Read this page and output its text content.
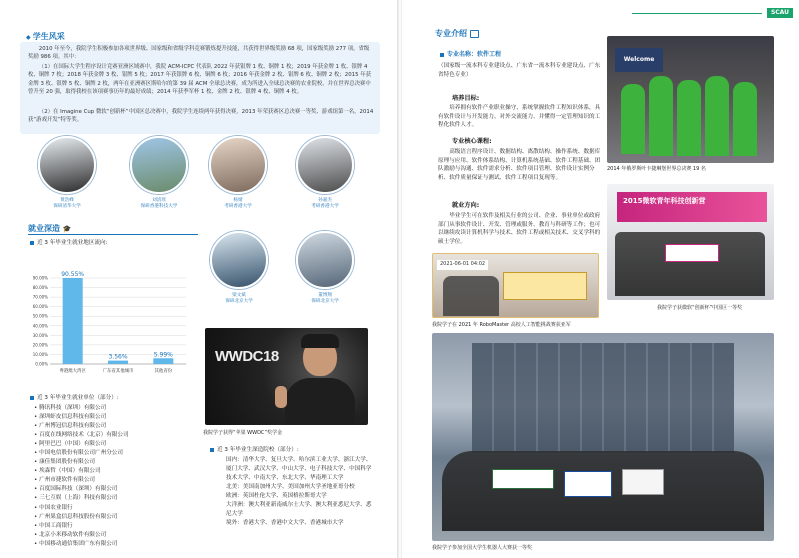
◆ 学生风采
2010 年至今，我院学生积极参加各项世界级、国家级和省级学科竞赛锻炼提升技能，共获得世界级奖励 68 项，国家级奖励 277 项，省级奖励 986 项。其中：
（1）在国际大学生程序设计竞赛亚洲区域赛中，我院 ACM-ICPC 代表队 2022 年获银牌 1 枚、铜牌 1 枚；2019 年获金牌 1 枚、银牌 4 枚、铜牌 7 枚；2018 年获金牌 3 枚、银牌 5 枚；2017 年获银牌 6 枚、铜牌 6 枚；2016 年获金牌 2 枚、银牌 6 枚、铜牌 2 枚；2015 年获金牌 3 枚、银牌 5 枚、铜牌 2 枚，两年在亚洲赛区斯哈尔的第 39 届 ACM 全球总决赛，成为所进入全球总决赛的农业院校，并在世界总决赛中曾升至 20 强，取得我校在该项赛事历年的最好成绩；2014 年获季军杯 1 枚、金牌 2 枚、银牌 4 枚、铜牌 4 枚。
（2）在 Imagine Cup 微软“创新杯”中国区总决赛中，我院学生连续两年获得决赛，2013 年荣获赛区总决赛一等奖、游戏组第一名，2014 获“游戏开发”特等奖。
黄浩峰
保研清华大学
刘清瑶
保研香港科技大学
杨婧
考研香港大学
孙嘉杰
考研香港大学
就业深造 🎓
近 3 年毕业生就业地区流向:
0.00%
10.00%
20.00%
30.00%
40.00%
50.00%
60.00%
70.00%
80.00%
90.00% 90.55%
粤港澳大湾区
3.56%
广东省其他城市
5.99%
其他省份
梁文斌
保研北京大学
董博翔
保研北京大学
WWDC18
我院学子获得“苹果 WWDC”奖学金
近 3 年毕业生就业单位（部分）:
• 腾讯科技（深圳）有限公司
• 深圳虾皮信息科技有限公司
• 广州博冠信息科技有限公司
• 百度在线网络技术（北京）有限公司
• 阿里巴巴（中国）有限公司
• 中国电信股份有限公司广州分公司
• 康佳集团股份有限公司
• 埃森哲（中国）有限公司
• 广州市捷软件有限公司
• 百度国际科技（深圳）有限公司
• 三七互娱（上海）科技有限公司
• 中国农业银行
• 广州果盒信息科技股份有限公司
• 中国工商银行
• 北京小米移动软件有限公司
• 中国移动通信集团广东有限公司
近 3 年毕业生深造院校（部分）:
国内：清华大学、复旦大学、哈尔滨工业大学、浙江大学、厦门大学、武汉大学、中山大学、电子科技大学、中国科学技术大学、中南大学、东北大学、华南理工大学
北美：美国南加州大学、美国加州大学圣地亚哥分校
欧洲：英国杜伦大学、英国格拉斯哥大学
大洋洲：澳大利亚新南威尔士大学、澳大利亚悉尼大学、悉尼大学
境外：香港大学、香港中文大学、香港城市大学
SCAU
专业介绍
专业名称：软件工程
（国家级一流本科专业建设点、广东省一流本科专业建设点、广东省特色专业）
培养目标:
培养拥有软件产业职业操守、系统掌握软件工程知识体系，具有软件设计与开发能力、对外交流能力、并懂得一定管理知识的工程化软件人才。
专业核心课程:
高级语言程序设计、数据结构、离散结构、操作系统、数据库原理与应用、软件体系结构、计算机系统基础、软件工程基础、团队激励与沟通、软件需求分析、软件项目管理、软件设计实例分析、软件质量保证与测试、软件工程项目复现等。
就业方向:
毕业学生可在软件及相关行业的公司、企业、事业单位或政府部门从事软件设计、开发、管理或服务、教育与科研等工作；也可以继续攻读计算机科学与技术、软件工程或相关技术、交叉学科的硕士学位。
Welcome
2014 年俄罗斯叶卡捷琳堡世界总决赛 19 名
2015微软青年科技创新营
我院学子获微软“创新杯”中国区一等奖
2021-06-01 04:02
我院学子在 2021 年 RoboMaster 高校人工智能挑战赛获亚军
我院学子参加全国大学生机器人大赛获一等奖
